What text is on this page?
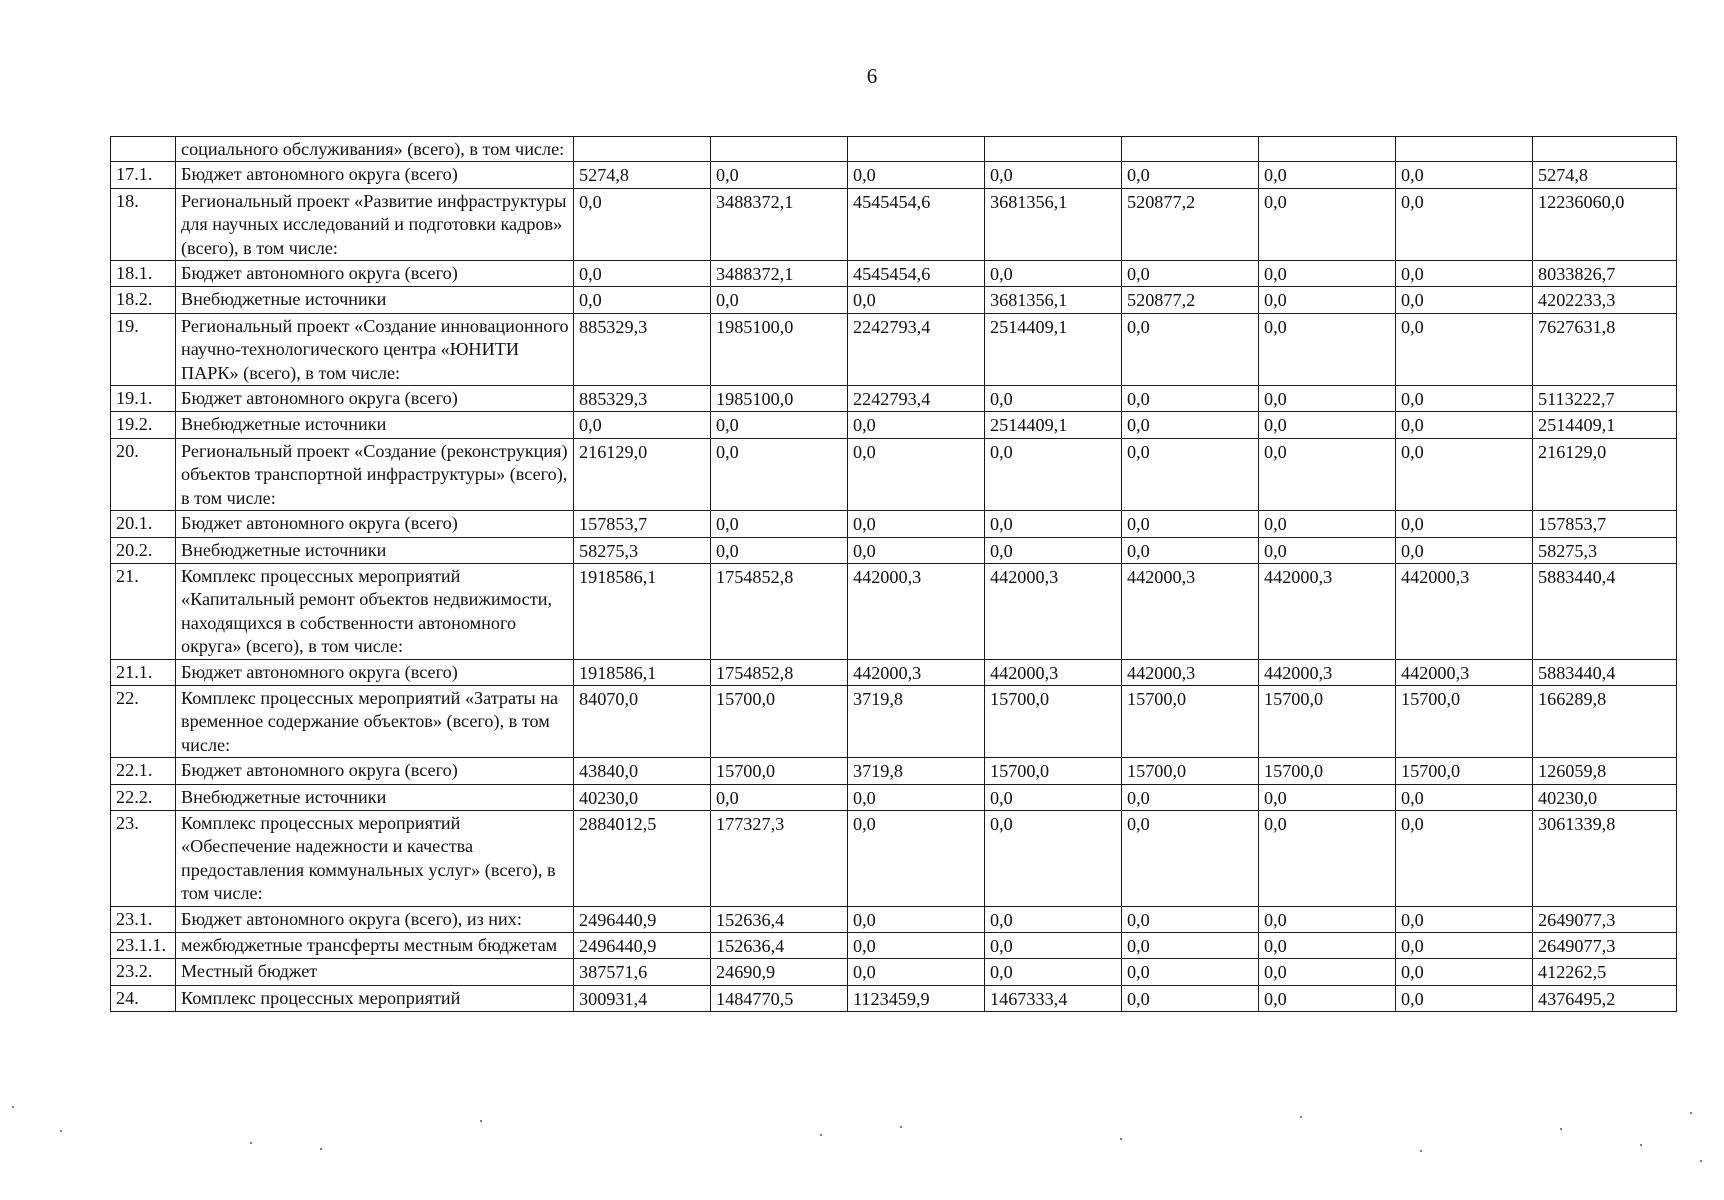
6
	социального обслуживания» (всего), в том числе:								
17.1.	Бюджет автономного округа (всего)	5274,8	0,0	0,0	0,0	0,0	0,0	0,0	5274,8
18.	Региональный проект «Развитие инфраструктуры для научных исследований и подготовки кадров» (всего), в том числе:	0,0	3488372,1	4545454,6	3681356,1	520877,2	0,0	0,0	12236060,0
18.1.	Бюджет автономного округа (всего)	0,0	3488372,1	4545454,6	0,0	0,0	0,0	0,0	8033826,7
18.2.	Внебюджетные источники	0,0	0,0	0,0	3681356,1	520877,2	0,0	0,0	4202233,3
19.	Региональный проект «Создание инновационного научно-технологического центра «ЮНИТИ ПАРК» (всего), в том числе:	885329,3	1985100,0	2242793,4	2514409,1	0,0	0,0	0,0	7627631,8
19.1.	Бюджет автономного округа (всего)	885329,3	1985100,0	2242793,4	0,0	0,0	0,0	0,0	5113222,7
19.2.	Внебюджетные источники	0,0	0,0	0,0	2514409,1	0,0	0,0	0,0	2514409,1
20.	Региональный проект «Создание (реконструкция) объектов транспортной инфраструктуры» (всего), в том числе:	216129,0	0,0	0,0	0,0	0,0	0,0	0,0	216129,0
20.1.	Бюджет автономного округа (всего)	157853,7	0,0	0,0	0,0	0,0	0,0	0,0	157853,7
20.2.	Внебюджетные источники	58275,3	0,0	0,0	0,0	0,0	0,0	0,0	58275,3
21.	Комплекс процессных мероприятий «Капитальный ремонт объектов недвижимости, находящихся в собственности автономного округа» (всего), в том числе:	1918586,1	1754852,8	442000,3	442000,3	442000,3	442000,3	442000,3	5883440,4
21.1.	Бюджет автономного округа (всего)	1918586,1	1754852,8	442000,3	442000,3	442000,3	442000,3	442000,3	5883440,4
22.	Комплекс процессных мероприятий «Затраты на временное содержание объектов» (всего), в том числе:	84070,0	15700,0	3719,8	15700,0	15700,0	15700,0	15700,0	166289,8
22.1.	Бюджет автономного округа (всего)	43840,0	15700,0	3719,8	15700,0	15700,0	15700,0	15700,0	126059,8
22.2.	Внебюджетные источники	40230,0	0,0	0,0	0,0	0,0	0,0	0,0	40230,0
23.	Комплекс процессных мероприятий «Обеспечение надежности и качества предоставления коммунальных услуг» (всего), в том числе:	2884012,5	177327,3	0,0	0,0	0,0	0,0	0,0	3061339,8
23.1.	Бюджет автономного округа (всего), из них:	2496440,9	152636,4	0,0	0,0	0,0	0,0	0,0	2649077,3
23.1.1.	межбюджетные трансферты местным бюджетам	2496440,9	152636,4	0,0	0,0	0,0	0,0	0,0	2649077,3
23.2.	Местный бюджет	387571,6	24690,9	0,0	0,0	0,0	0,0	0,0	412262,5
24.	Комплекс процессных мероприятий	300931,4	1484770,5	1123459,9	1467333,4	0,0	0,0	0,0	4376495,2
